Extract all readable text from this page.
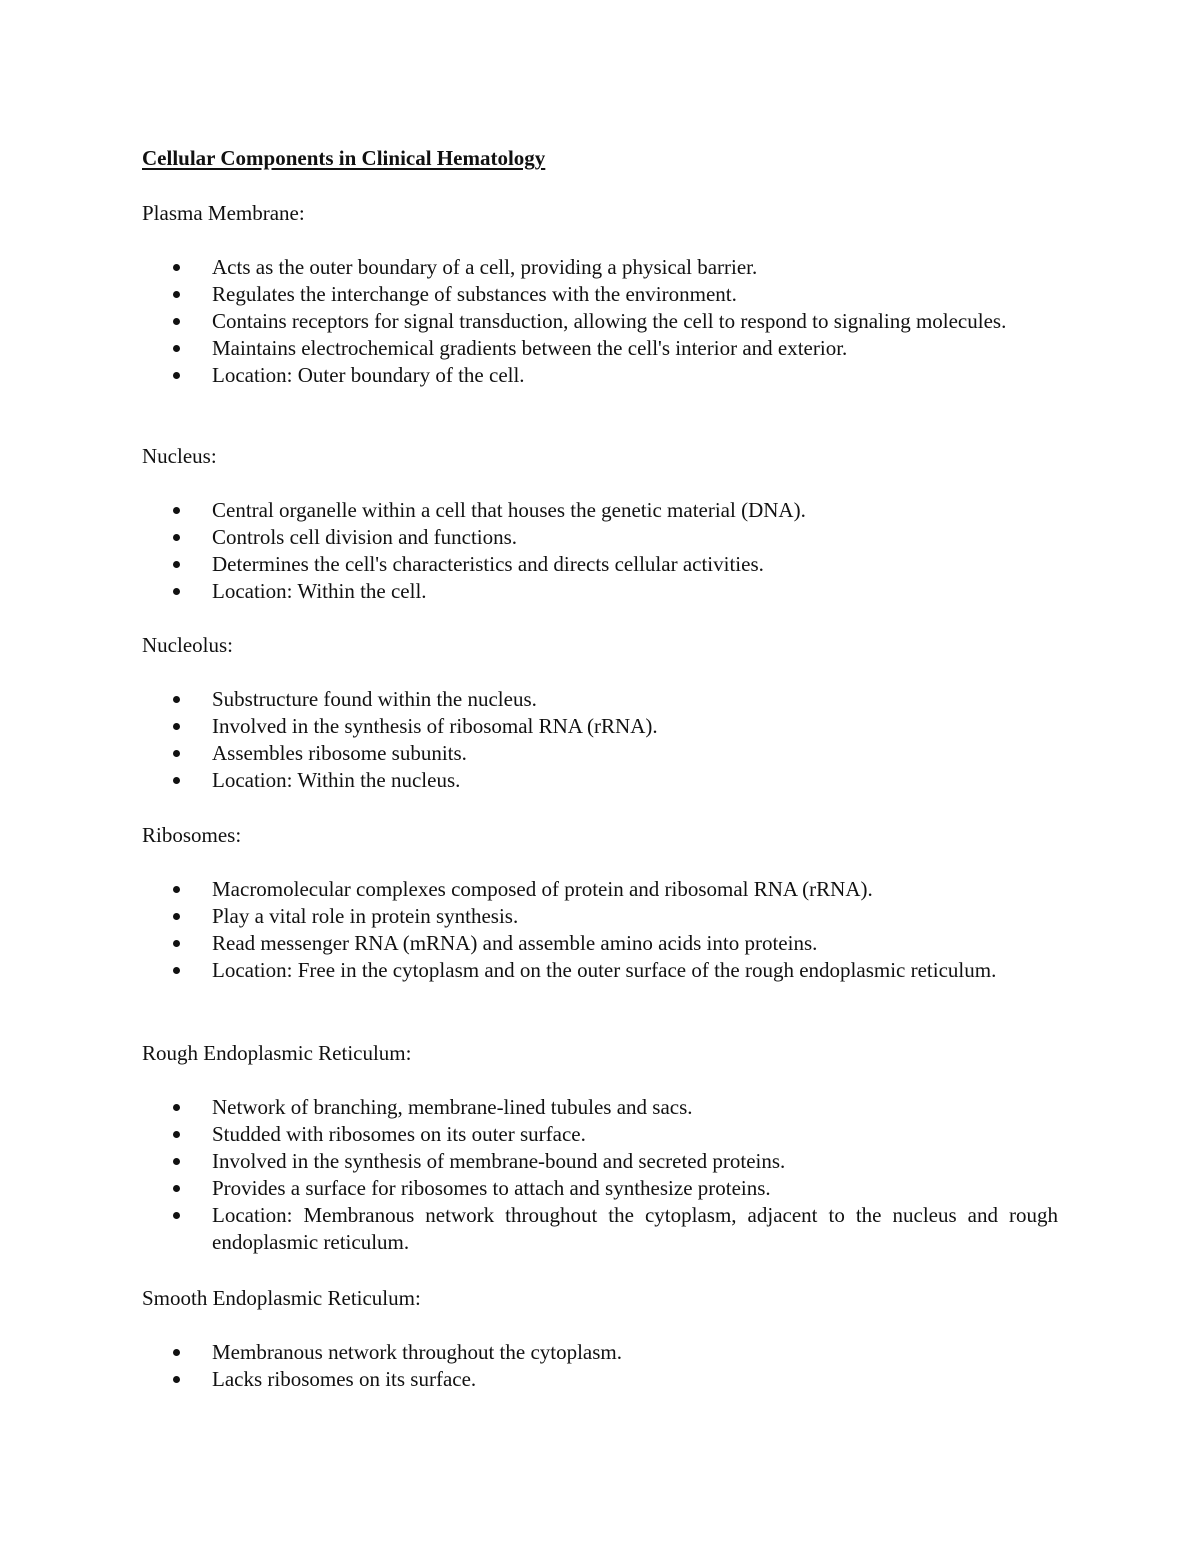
Cellular Components in Clinical Hematology

Plasma Membrane:

Acts as the outer boundary of a cell, providing a physical barrier.
Regulates the interchange of substances with the environment.
Contains receptors for signal transduction, allowing the cell to respond to signaling molecules.
Maintains electrochemical gradients between the cell's interior and exterior.
Location: Outer boundary of the cell.

Nucleus:

Central organelle within a cell that houses the genetic material (DNA).
Controls cell division and functions.
Determines the cell's characteristics and directs cellular activities.
Location: Within the cell.

Nucleolus:

Substructure found within the nucleus.
Involved in the synthesis of ribosomal RNA (rRNA).
Assembles ribosome subunits.
Location: Within the nucleus.

Ribosomes:

Macromolecular complexes composed of protein and ribosomal RNA (rRNA).
Play a vital role in protein synthesis.
Read messenger RNA (mRNA) and assemble amino acids into proteins.
Location: Free in the cytoplasm and on the outer surface of the rough endoplasmic reticulum.

Rough Endoplasmic Reticulum:

Network of branching, membrane-lined tubules and sacs.
Studded with ribosomes on its outer surface.
Involved in the synthesis of membrane-bound and secreted proteins.
Provides a surface for ribosomes to attach and synthesize proteins.
Location: Membranous network throughout the cytoplasm, adjacent to the nucleus and rough endoplasmic reticulum.

Smooth Endoplasmic Reticulum:

Membranous network throughout the cytoplasm.
Lacks ribosomes on its surface.
